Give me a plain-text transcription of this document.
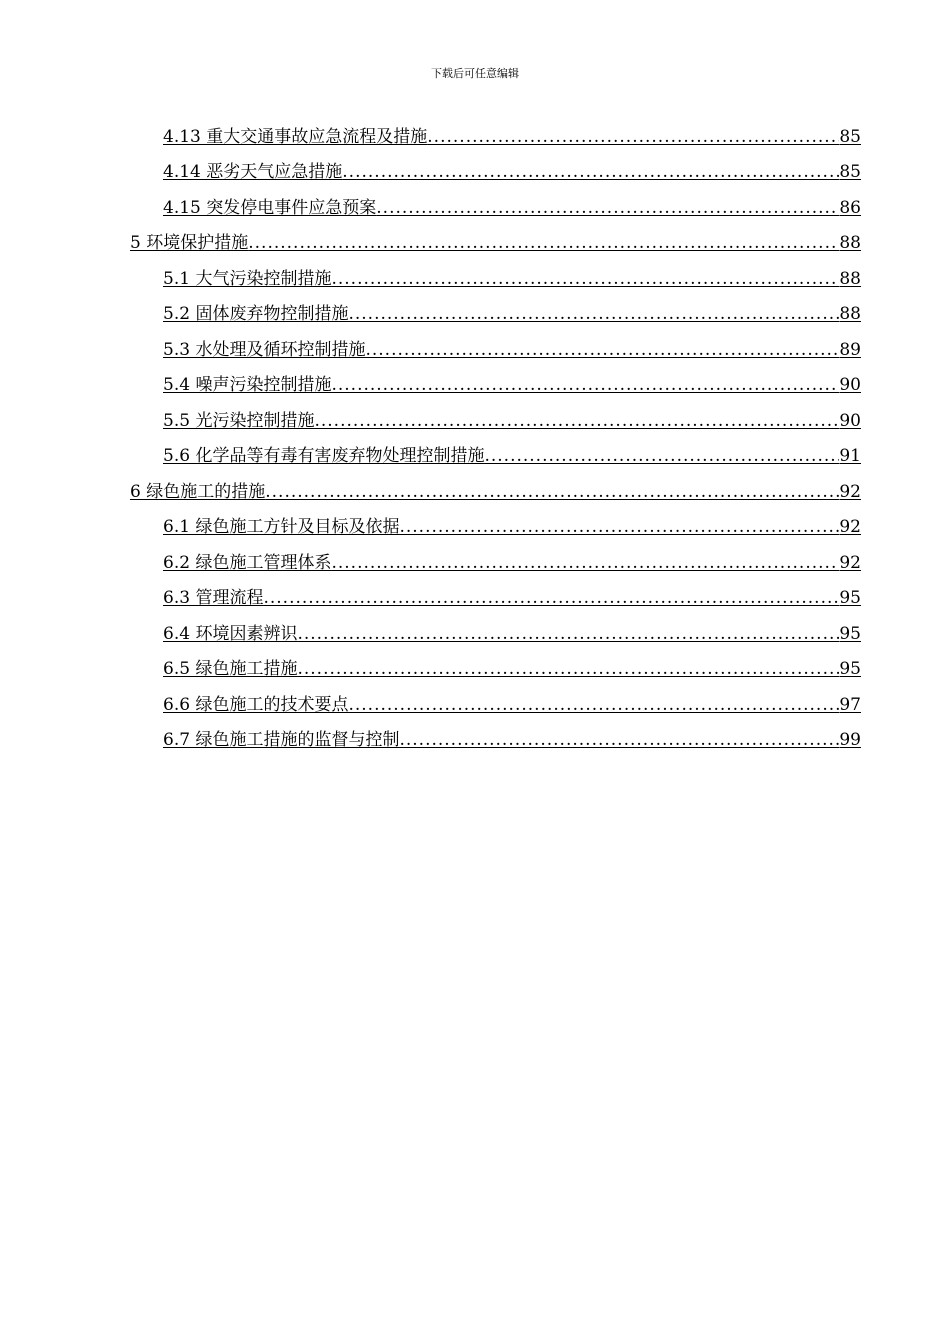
下载后可任意编辑
4.13 重大交通事故应急流程及措施 .....	85
4.14 恶劣天气应急措施 .....	85
4.15 突发停电事件应急预案 .....	86
5 环境保护措施 .....	88
5.1 大气污染控制措施 .....	88
5.2 固体废弃物控制措施 .....	88
5.3 水处理及循环控制措施 .....	89
5.4 噪声污染控制措施 .....	90
5.5 光污染控制措施 .....	90
5.6 化学品等有毒有害废弃物处理控制措施 .....	91
6 绿色施工的措施 .....	92
6.1 绿色施工方针及目标及依据 .....	92
6.2 绿色施工管理体系 .....	92
6.3 管理流程 .....	95
6.4 环境因素辨识 .....	95
6.5 绿色施工措施 .....	95
6.6 绿色施工的技术要点 .....	97
6.7 绿色施工措施的监督与控制 .....	99
